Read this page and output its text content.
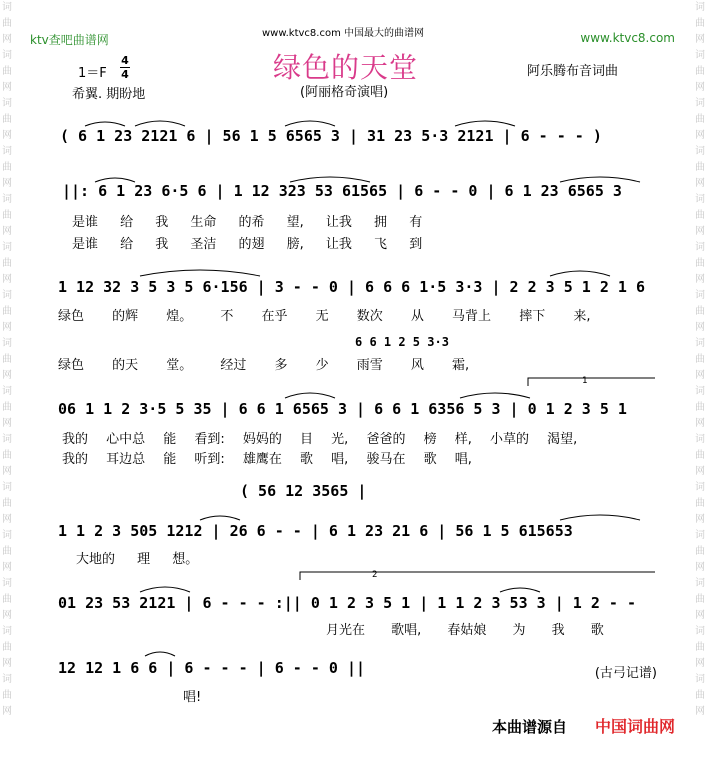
词
曲
网
词
曲
网
词
曲
网
词
曲
网
词
曲
网
词
曲
网
词
曲
网
词
曲
网
词
曲
网
词
曲
网
词
曲
网
词
曲
网
词
曲
网
词
曲
网
词
曲
网
词
曲
网
词
曲
网
词
曲
网
词
曲
网
词
曲
网
词
曲
网
词
曲
网
词
曲
网
词
曲
网
词
曲
网
词
曲
网
词
曲
网
词
曲
网
词
曲
网
词
曲
网
ktv查吧曲谱网	www.ktvc8.com
www.ktvc8.com 中国最大的曲谱网
绿色的天堂
1＝F
4
4	阿乐腾布音词曲
希翼. 期盼地	(阿丽格奇演唱)
( 6 1 23 2121 6 | 56 1 5 6565 3 | 31 23 5·3 2121 | 6 - - - )
||: 6 1 23 6·5 6 | 1 12 323 53 61565 | 6 - - 0 | 6 1 23 6565 3
1 12 32 3 5 3 5 6·156 | 3 - - 0 | 6 6 6 1·5 3·3 | 2 2 3 5 1 2 1 6
6 6 1 2 5 3·3
06 1 1 2 3·5 5 35 | 6 6 1 6565 3 | 6 6 1 6356 5 3 | 0 1 2 3 5 1
( 56 12 3565 |
1 1 2 3 505 1212 | 26 6 - - | 6 1 23 21 6 | 56 1 5 615653
01 23 53 2121 | 6 - - - :|| 0 1 2 3 5 1 | 1 1 2 3 53 3 | 1 2 - -
12 12 1 6 6 | 6 - - - | 6 - - 0 ||
1
2
是谁 给 我 生命 的希 望, 让我 拥 有
是谁 给 我 圣洁 的翅 膀, 让我 飞 到
绿色 的辉 煌。 不 在乎 无 数次 从 马背上 摔下 来,
绿色 的天 堂。 经过 多 少 雨雪 风 霜,
我的 心中总 能 看到: 妈妈的 目 光, 爸爸的 榜 样, 小草的 渴望,
我的 耳边总 能 听到: 雄鹰在 歌 唱, 骏马在 歌 唱,
大地的 理 想。
月光在 歌唱, 春姑娘 为 我 歌
唱!
(古弓记谱)
本曲谱源自 中国词曲网
